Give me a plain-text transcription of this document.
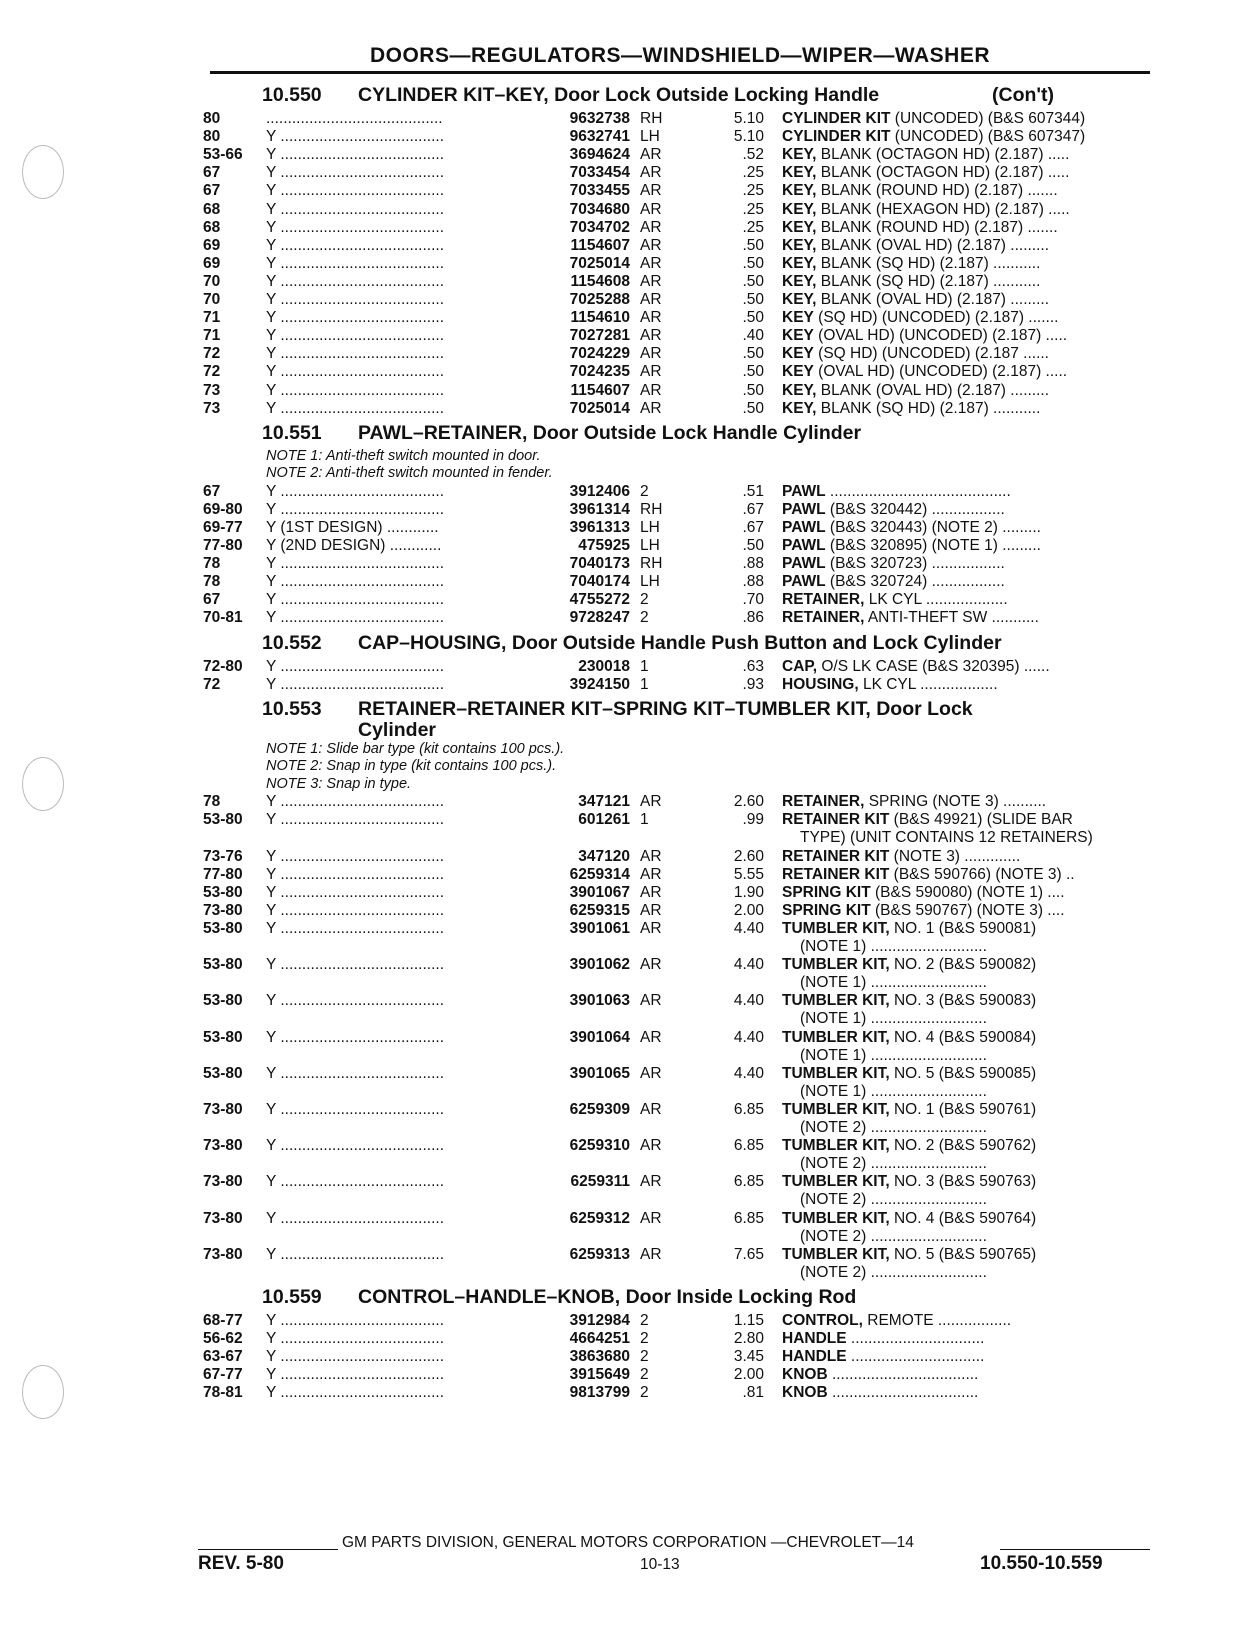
DOORS—REGULATORS—WINDSHIELD—WIPER—WASHER
10.550 CYLINDER KIT–KEY, Door Lock Outside Locking Handle	(Con't)
80	.........................................	9632738 RH	5.10 CYLINDER KIT (UNCODED) (B&S 607344)
80	Y ......................................	9632741 LH	5.10 CYLINDER KIT (UNCODED) (B&S 607347)
53-66 Y ......................................	3694624 AR	.52 KEY, BLANK (OCTAGON HD) (2.187) .....
67	Y ......................................	7033454 AR	.25 KEY, BLANK (OCTAGON HD) (2.187) .....
67	Y ......................................	7033455 AR	.25 KEY, BLANK (ROUND HD) (2.187) .......
68	Y ......................................	7034680 AR	.25 KEY, BLANK (HEXAGON HD) (2.187) .....
68	Y ......................................	7034702 AR	.25 KEY, BLANK (ROUND HD) (2.187) .......
69	Y ......................................	1154607 AR	.50 KEY, BLANK (OVAL HD) (2.187) .........
69	Y ......................................	7025014 AR	.50 KEY, BLANK (SQ HD) (2.187) ...........
70	Y ......................................	1154608 AR	.50 KEY, BLANK (SQ HD) (2.187) ...........
70	Y ......................................	7025288 AR	.50 KEY, BLANK (OVAL HD) (2.187) .........
71	Y ......................................	1154610 AR	.50 KEY (SQ HD) (UNCODED) (2.187) .......
71	Y ......................................	7027281 AR	.40 KEY (OVAL HD) (UNCODED) (2.187) .....
72	Y ......................................	7024229 AR	.50 KEY (SQ HD) (UNCODED) (2.187 ......
72	Y ......................................	7024235 AR	.50 KEY (OVAL HD) (UNCODED) (2.187) .....
73	Y ......................................	1154607 AR	.50 KEY, BLANK (OVAL HD) (2.187) .........
73	Y ......................................	7025014 AR	.50 KEY, BLANK (SQ HD) (2.187) ...........
10.551 PAWL–RETAINER, Door Outside Lock Handle Cylinder
NOTE 1: Anti-theft switch mounted in door.
NOTE 2: Anti-theft switch mounted in fender.
67	Y ......................................	3912406 2	.51 PAWL ..........................................
69-80 Y ......................................	3961314 RH	.67 PAWL (B&S 320442) .................
69-77 Y (1ST DESIGN) ............	3961313 LH	.67 PAWL (B&S 320443) (NOTE 2) .........
77-80 Y (2ND DESIGN) ............	475925 LH	.50 PAWL (B&S 320895) (NOTE 1) .........
78	Y ......................................	7040173 RH	.88 PAWL (B&S 320723) .................
78	Y ......................................	7040174 LH	.88 PAWL (B&S 320724) .................
67	Y ......................................	4755272 2	.70 RETAINER, LK CYL ...................
70-81 Y ......................................	9728247 2	.86 RETAINER, ANTI-THEFT SW ...........
10.552 CAP–HOUSING, Door Outside Handle Push Button and Lock Cylinder
72-80 Y ......................................	230018 1	.63 CAP, O/S LK CASE (B&S 320395) ......
72	Y ......................................	3924150 1	.93 HOUSING, LK CYL ..................
10.553 RETAINER–RETAINER KIT–SPRING KIT–TUMBLER KIT, Door Lock
Cylinder
NOTE 1: Slide bar type (kit contains 100 pcs.).
NOTE 2: Snap in type (kit contains 100 pcs.).
NOTE 3: Snap in type.
78	Y ......................................	347121 AR	2.60 RETAINER, SPRING (NOTE 3) ..........
53-80 Y ......................................	601261 1	.99 RETAINER KIT (B&S 49921) (SLIDE BAR
TYPE) (UNIT CONTAINS 12 RETAINERS)
73-76 Y ......................................	347120 AR	2.60 RETAINER KIT (NOTE 3) .............
77-80 Y ......................................	6259314 AR	5.55 RETAINER KIT (B&S 590766) (NOTE 3) ..
53-80 Y ......................................	3901067 AR	1.90 SPRING KIT (B&S 590080) (NOTE 1) ....
73-80 Y ......................................	6259315 AR	2.00 SPRING KIT (B&S 590767) (NOTE 3) ....
53-80 Y ......................................	3901061 AR	4.40 TUMBLER KIT, NO. 1 (B&S 590081)
(NOTE 1) ...........................
53-80 Y ......................................	3901062 AR	4.40 TUMBLER KIT, NO. 2 (B&S 590082)
(NOTE 1) ...........................
53-80 Y ......................................	3901063 AR	4.40 TUMBLER KIT, NO. 3 (B&S 590083)
(NOTE 1) ...........................
53-80 Y ......................................	3901064 AR	4.40 TUMBLER KIT, NO. 4 (B&S 590084)
(NOTE 1) ...........................
53-80 Y ......................................	3901065 AR	4.40 TUMBLER KIT, NO. 5 (B&S 590085)
(NOTE 1) ...........................
73-80 Y ......................................	6259309 AR	6.85 TUMBLER KIT, NO. 1 (B&S 590761)
(NOTE 2) ...........................
73-80 Y ......................................	6259310 AR	6.85 TUMBLER KIT, NO. 2 (B&S 590762)
(NOTE 2) ...........................
73-80 Y ......................................	6259311 AR	6.85 TUMBLER KIT, NO. 3 (B&S 590763)
(NOTE 2) ...........................
73-80 Y ......................................	6259312 AR	6.85 TUMBLER KIT, NO. 4 (B&S 590764)
(NOTE 2) ...........................
73-80 Y ......................................	6259313 AR	7.65 TUMBLER KIT, NO. 5 (B&S 590765)
(NOTE 2) ...........................
10.559 CONTROL–HANDLE–KNOB, Door Inside Locking Rod
68-77 Y ......................................	3912984 2	1.15 CONTROL, REMOTE .................
56-62 Y ......................................	4664251 2	2.80 HANDLE ...............................
63-67 Y ......................................	3863680 2	3.45 HANDLE ...............................
67-77 Y ......................................	3915649 2	2.00 KNOB ..................................
78-81 Y ......................................	9813799 2	.81 KNOB ..................................
GM PARTS DIVISION, GENERAL MOTORS CORPORATION —CHEVROLET—14
REV. 5-80	10-13	10.550-10.559
